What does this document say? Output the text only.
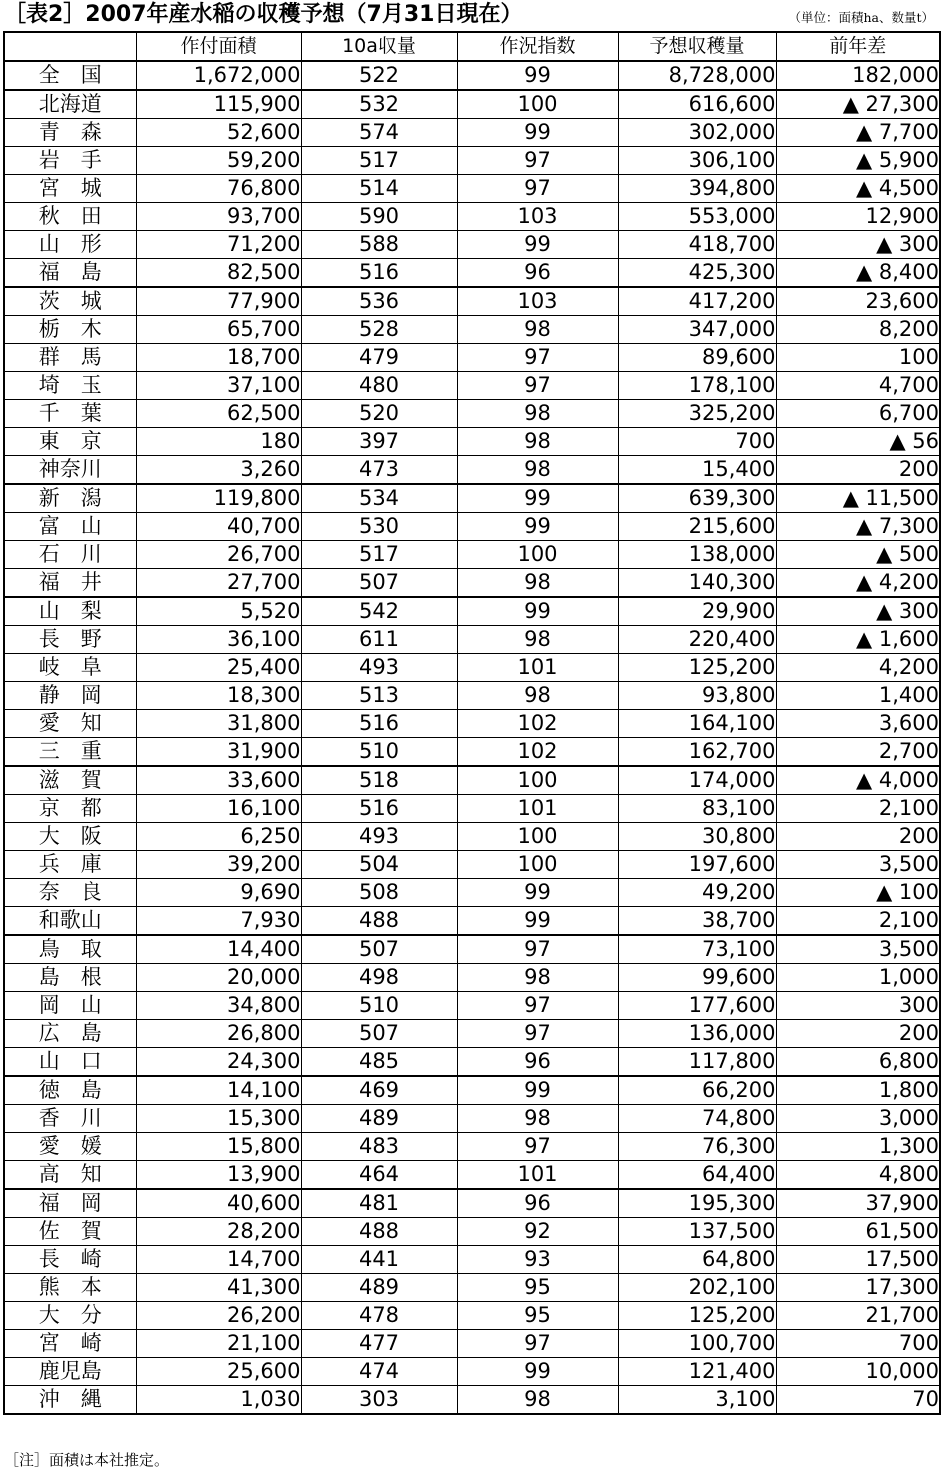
［表2］2007年産水稲の収穫予想（7月31日現在）	（単位：面積ha、数量t）
	作付面積	10a収量	作況指数	予想収穫量	前年差
全　国	1,672,000	522	99	8,728,000	182,000
北海道	115,900	532	100	616,600	▲ 27,300
青　森	52,600	574	99	302,000	▲ 7,700
岩　手	59,200	517	97	306,100	▲ 5,900
宮　城	76,800	514	97	394,800	▲ 4,500
秋　田	93,700	590	103	553,000	12,900
山　形	71,200	588	99	418,700	▲ 300
福　島	82,500	516	96	425,300	▲ 8,400
茨　城	77,900	536	103	417,200	23,600
栃　木	65,700	528	98	347,000	8,200
群　馬	18,700	479	97	89,600	100
埼　玉	37,100	480	97	178,100	4,700
千　葉	62,500	520	98	325,200	6,700
東　京	180	397	98	700	▲ 56
神奈川	3,260	473	98	15,400	200
新　潟	119,800	534	99	639,300	▲ 11,500
富　山	40,700	530	99	215,600	▲ 7,300
石　川	26,700	517	100	138,000	▲ 500
福　井	27,700	507	98	140,300	▲ 4,200
山　梨	5,520	542	99	29,900	▲ 300
長　野	36,100	611	98	220,400	▲ 1,600
岐　阜	25,400	493	101	125,200	4,200
静　岡	18,300	513	98	93,800	1,400
愛　知	31,800	516	102	164,100	3,600
三　重	31,900	510	102	162,700	2,700
滋　賀	33,600	518	100	174,000	▲ 4,000
京　都	16,100	516	101	83,100	2,100
大　阪	6,250	493	100	30,800	200
兵　庫	39,200	504	100	197,600	3,500
奈　良	9,690	508	99	49,200	▲ 100
和歌山	7,930	488	99	38,700	2,100
鳥　取	14,400	507	97	73,100	3,500
島　根	20,000	498	98	99,600	1,000
岡　山	34,800	510	97	177,600	300
広　島	26,800	507	97	136,000	200
山　口	24,300	485	96	117,800	6,800
徳　島	14,100	469	99	66,200	1,800
香　川	15,300	489	98	74,800	3,000
愛　媛	15,800	483	97	76,300	1,300
高　知	13,900	464	101	64,400	4,800
福　岡	40,600	481	96	195,300	37,900
佐　賀	28,200	488	92	137,500	61,500
長　崎	14,700	441	93	64,800	17,500
熊　本	41,300	489	95	202,100	17,300
大　分	26,200	478	95	125,200	21,700
宮　崎	21,100	477	97	100,700	700
鹿児島	25,600	474	99	121,400	10,000
沖　縄	1,030	303	98	3,100	70
［注］面積は本社推定。
